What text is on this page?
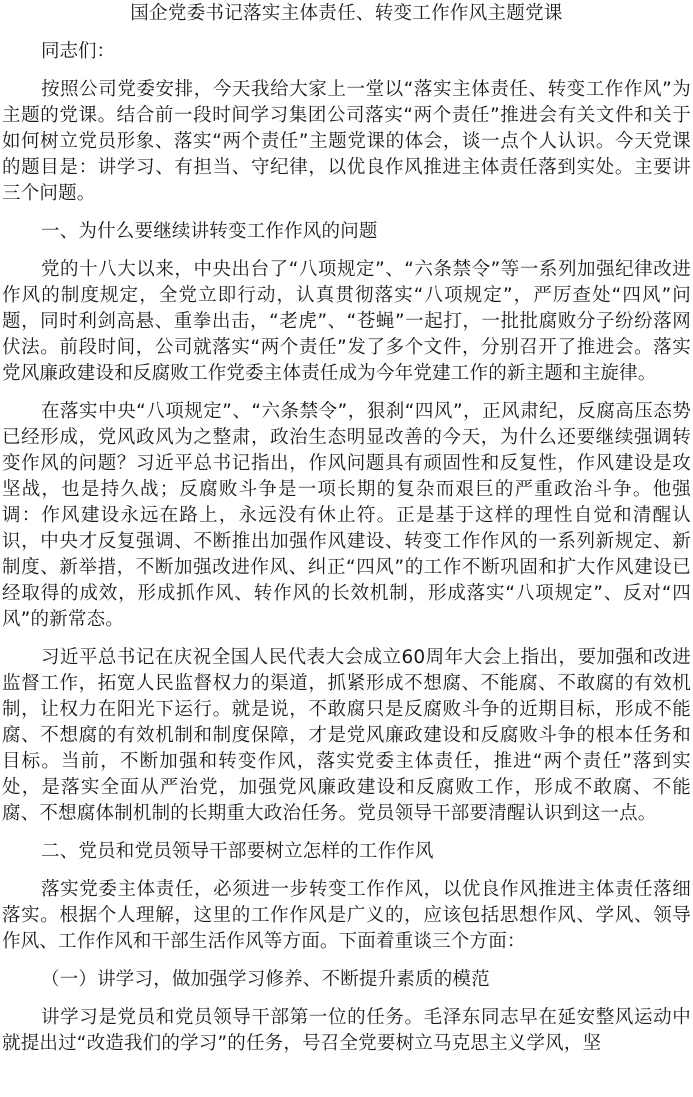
国企党委书记落实主体责任、转变工作作风主题党课

同志们：

按照公司党委安排，今天我给大家上一堂以“落实主体责任、转变工作作风”为主题的党课。结合前一段时间学习集团公司落实“两个责任”推进会有关文件和关于如何树立党员形象、落实“两个责任”主题党课的体会，谈一点个人认识。今天党课的题目是：讲学习、有担当、守纪律，以优良作风推进主体责任落到实处。主要讲三个问题。

一、为什么要继续讲转变工作作风的问题

党的十八大以来，中央出台了“八项规定”、“六条禁令”等一系列加强纪律改进作风的制度规定，全党立即行动，认真贯彻落实“八项规定”，严厉查处“四风”问题，同时利剑高悬、重拳出击，“老虎”、“苍蝇”一起打，一批批腐败分子纷纷落网伏法。前段时间，公司就落实“两个责任”发了多个文件，分别召开了推进会。落实党风廉政建设和反腐败工作党委主体责任成为今年党建工作的新主题和主旋律。

在落实中央“八项规定”、“六条禁令”，狠刹“四风”，正风肃纪，反腐高压态势已经形成，党风政风为之整肃，政治生态明显改善的今天，为什么还要继续强调转变作风的问题？习近平总书记指出，作风问题具有顽固性和反复性，作风建设是攻坚战，也是持久战；反腐败斗争是一项长期的复杂而艰巨的严重政治斗争。他强调：作风建设永远在路上，永远没有休止符。正是基于这样的理性自觉和清醒认识，中央才反复强调、不断推出加强作风建设、转变工作作风的一系列新规定、新制度、新举措，不断加强改进作风、纠正“四风”的工作不断巩固和扩大作风建设已经取得的成效，形成抓作风、转作风的长效机制，形成落实“八项规定”、反对“四风”的新常态。

习近平总书记在庆祝全国人民代表大会成立60周年大会上指出，要加强和改进监督工作，拓宽人民监督权力的渠道，抓紧形成不想腐、不能腐、不敢腐的有效机制，让权力在阳光下运行。就是说，不敢腐只是反腐败斗争的近期目标，形成不能腐、不想腐的有效机制和制度保障，才是党风廉政建设和反腐败斗争的根本任务和目标。当前，不断加强和转变作风，落实党委主体责任，推进“两个责任”落到实处，是落实全面从严治党，加强党风廉政建设和反腐败工作，形成不敢腐、不能腐、不想腐体制机制的长期重大政治任务。党员领导干部要清醒认识到这一点。

二、党员和党员领导干部要树立怎样的工作作风

落实党委主体责任，必须进一步转变工作作风，以优良作风推进主体责任落细落实。根据个人理解，这里的工作作风是广义的，应该包括思想作风、学风、领导作风、工作作风和干部生活作风等方面。下面着重谈三个方面：

（一）讲学习，做加强学习修养、不断提升素质的模范

讲学习是党员和党员领导干部第一位的任务。毛泽东同志早在延安整风运动中就提出过“改造我们的学习”的任务，号召全党要树立马克思主义学风，坚
